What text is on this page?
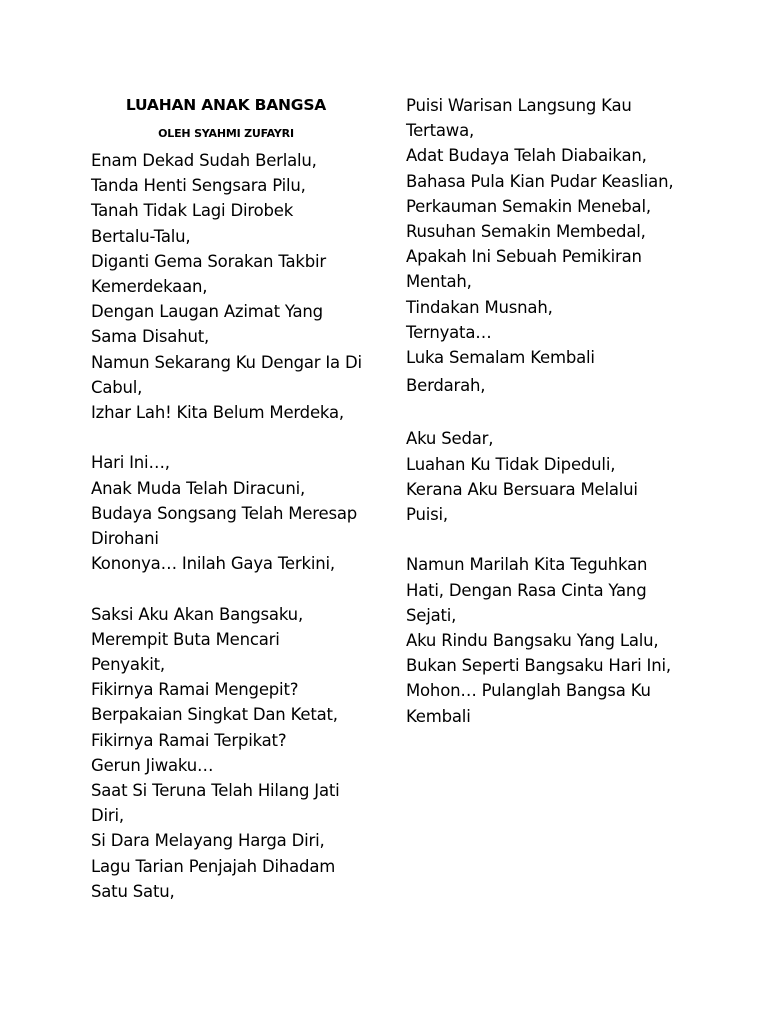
LUAHAN ANAK BANGSA
OLEH SYAHMI ZUFAYRI
Enam Dekad Sudah Berlalu,
Tanda Henti Sengsara Pilu,
Tanah Tidak Lagi Dirobek
Bertalu-Talu,
Diganti Gema Sorakan Takbir
Kemerdekaan,
Dengan Laugan Azimat Yang
Sama Disahut,
Namun Sekarang Ku Dengar Ia Di
Cabul,
Izhar Lah! Kita Belum Merdeka,
Hari Ini…,
Anak Muda Telah Diracuni,
Budaya Songsang Telah Meresap
Dirohani
Kononya… Inilah Gaya Terkini,
Saksi Aku Akan Bangsaku,
Merempit Buta Mencari
Penyakit,
Fikirnya Ramai Mengepit?
Berpakaian Singkat Dan Ketat,
Fikirnya Ramai Terpikat?
Gerun Jiwaku…
Saat Si Teruna Telah Hilang Jati
Diri,
Si Dara Melayang Harga Diri,
Lagu Tarian Penjajah Dihadam
Satu Satu,
Puisi Warisan Langsung Kau
Tertawa,
Adat Budaya Telah Diabaikan,
Bahasa Pula Kian Pudar Keaslian,
Perkauman Semakin Menebal,
Rusuhan Semakin Membedal,
Apakah Ini Sebuah Pemikiran
Mentah,
Tindakan Musnah,
Ternyata…
Luka Semalam Kembali
Berdarah,
Aku Sedar,
Luahan Ku Tidak Dipeduli,
Kerana Aku Bersuara Melalui
Puisi,
Namun Marilah Kita Teguhkan
Hati, Dengan Rasa Cinta Yang
Sejati,
Aku Rindu Bangsaku Yang Lalu,
Bukan Seperti Bangsaku Hari Ini,
Mohon… Pulanglah Bangsa Ku
Kembali
